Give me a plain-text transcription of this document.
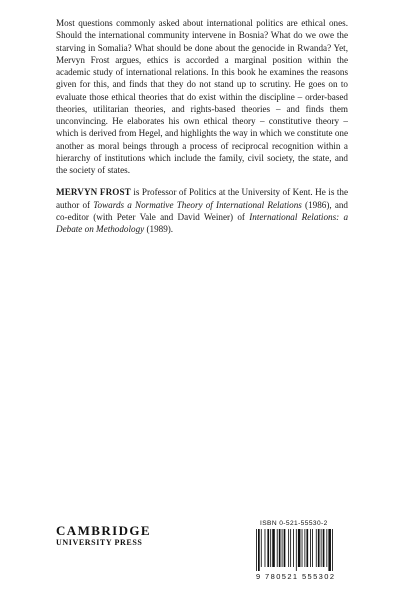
Most questions commonly asked about international politics are ethical ones. Should the international community intervene in Bosnia? What do we owe the starving in Somalia? What should be done about the genocide in Rwanda? Yet, Mervyn Frost argues, ethics is accorded a marginal position within the academic study of international relations. In this book he examines the reasons given for this, and finds that they do not stand up to scrutiny. He goes on to evaluate those ethical theories that do exist within the discipline – order-based theories, utilitarian theories, and rights-based theories – and finds them unconvincing. He elaborates his own ethical theory – constitutive theory – which is derived from Hegel, and highlights the way in which we constitute one another as moral beings through a process of reciprocal recognition within a hierarchy of institutions which include the family, civil society, the state, and the society of states.

MERVYN FROST is Professor of Politics at the University of Kent. He is the author of Towards a Normative Theory of International Relations (1986), and co-editor (with Peter Vale and David Weiner) of International Relations: a Debate on Methodology (1989).

CAMBRIDGE
UNIVERSITY PRESS
ISBN 0-521-55530-2
9 780521 555302
